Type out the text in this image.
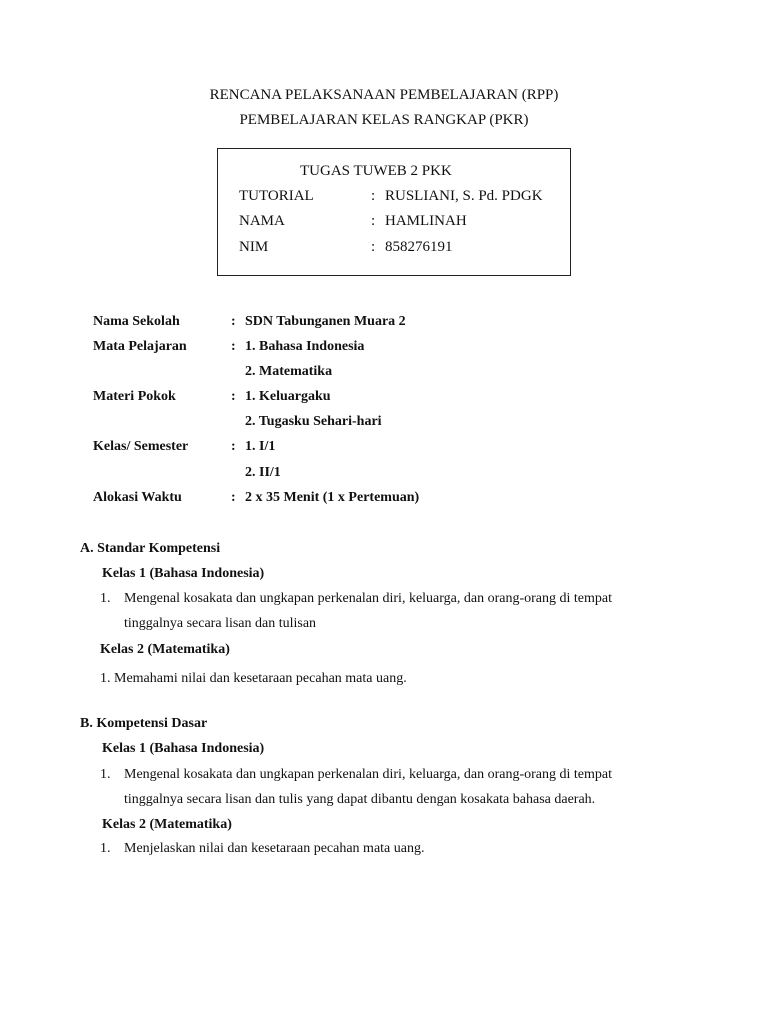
RENCANA PELAKSANAAN PEMBELAJARAN (RPP)
PEMBELAJARAN KELAS RANGKAP (PKR)
TUGAS TUWEB 2 PKK
TUTORIAL	: RUSLIANI, S. Pd. PDGK
NAMA	: HAMLINAH
NIM	: 858276191
Nama Sekolah	: SDN Tabunganen Muara 2
Mata Pelajaran	: 1. Bahasa Indonesia
2. Matematika
Materi Pokok	: 1. Keluargaku
2. Tugasku Sehari-hari
Kelas/ Semester	: 1. I/1
2. II/1
Alokasi Waktu	: 2 x 35 Menit (1 x Pertemuan)
A. Standar Kompetensi
Kelas 1 (Bahasa Indonesia)
1. Mengenal kosakata dan ungkapan perkenalan diri, keluarga, dan orang-orang di tempat
tinggalnya secara lisan dan tulisan
Kelas 2 (Matematika)
1. Memahami nilai dan kesetaraan pecahan mata uang.
B. Kompetensi Dasar
Kelas 1 (Bahasa Indonesia)
1. Mengenal kosakata dan ungkapan perkenalan diri, keluarga, dan orang-orang di tempat
tinggalnya secara lisan dan tulis yang dapat dibantu dengan kosakata bahasa daerah.
Kelas 2 (Matematika)
1. Menjelaskan nilai dan kesetaraan pecahan mata uang.
